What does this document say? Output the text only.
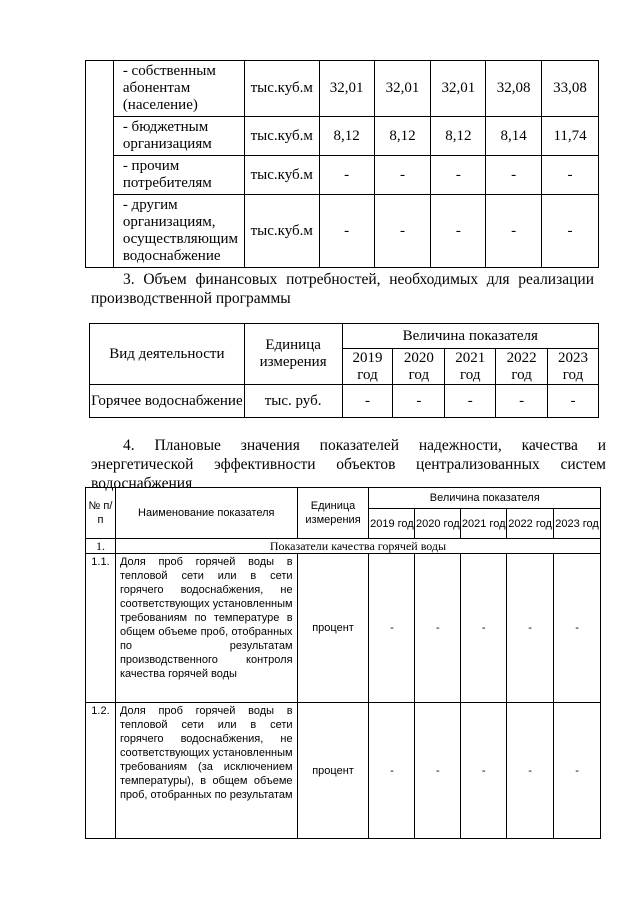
	- собственным абонентам (население)	тыс.куб.м	32,01	32,01	32,01	32,08	33,08
	- бюджетным организациям	тыс.куб.м	8,12	8,12	8,12	8,14	11,74
	- прочим потребителям	тыс.куб.м	-	-	-	-	-
	- другим организациям, осуществляющим водоснабжение	тыс.куб.м	-	-	-	-	-

3. Объем финансовых потребностей, необходимых для реализации производственной программы

Вид деятельности	Единица измерения	Величина показателя				
		2019 год	2020 год	2021 год	2022 год	2023 год
Горячее водоснабжение	тыс. руб.	-	-	-	-	-

4. Плановые значения показателей надежности, качества и энергетической эффективности объектов централизованных систем водоснабжения

№ п/п	Наименование показателя	Единица измерения	Величина показателя				
			2019 год	2020 год	2021 год	2022 год	2023 год
1.	Показатели качества горячей воды						
1.1.	Доля проб горячей воды в тепловой сети или в сети горячего водоснабжения, не соответствующих установленным требованиям по температуре в общем объеме проб, отобранных по результатам производственного контроля качества горячей воды	процент	-	-	-	-	-
1.2.	Доля проб горячей воды в тепловой сети или в сети горячего водоснабжения, не соответствующих установленным требованиям (за исключением температуры), в общем объеме проб, отобранных по результатам	процент	-	-	-	-	-
